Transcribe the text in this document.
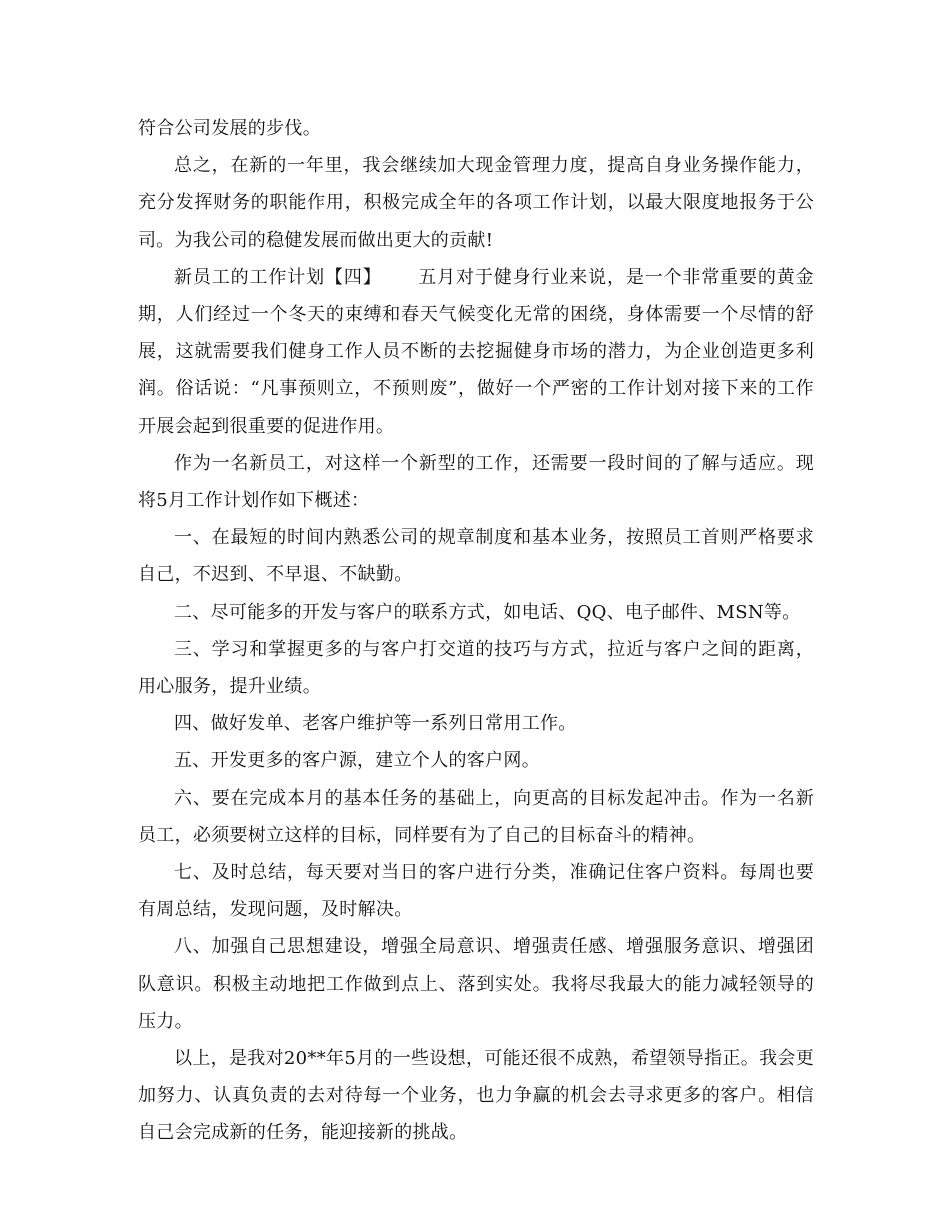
符合公司发展的步伐。

总之，在新的一年里，我会继续加大现金管理力度，提高自身业务操作能力，充分发挥财务的职能作用，积极完成全年的各项工作计划，以最大限度地报务于公司。为我公司的稳健发展而做出更大的贡献!

新员工的工作计划【四】 五月对于健身行业来说，是一个非常重要的黄金期，人们经过一个冬天的束缚和春天气候变化无常的困绕，身体需要一个尽情的舒展，这就需要我们健身工作人员不断的去挖掘健身市场的潜力，为企业创造更多利润。俗话说：“凡事预则立，不预则废”，做好一个严密的工作计划对接下来的工作开展会起到很重要的促进作用。

作为一名新员工，对这样一个新型的工作，还需要一段时间的了解与适应。现将5月工作计划作如下概述：

一、在最短的时间内熟悉公司的规章制度和基本业务，按照员工首则严格要求自己，不迟到、不早退、不缺勤。

二、尽可能多的开发与客户的联系方式，如电话、QQ、电子邮件、MSN等。

三、学习和掌握更多的与客户打交道的技巧与方式，拉近与客户之间的距离，用心服务，提升业绩。

四、做好发单、老客户维护等一系列日常用工作。

五、开发更多的客户源，建立个人的客户网。

六、要在完成本月的基本任务的基础上，向更高的目标发起冲击。作为一名新员工，必须要树立这样的目标，同样要有为了自己的目标奋斗的精神。

七、及时总结，每天要对当日的客户进行分类，准确记住客户资料。每周也要有周总结，发现问题，及时解决。

八、加强自己思想建设，增强全局意识、增强责任感、增强服务意识、增强团队意识。积极主动地把工作做到点上、落到实处。我将尽我最大的能力减轻领导的压力。

以上，是我对20**年5月的一些设想，可能还很不成熟，希望领导指正。我会更加努力、认真负责的去对待每一个业务，也力争赢的机会去寻求更多的客户。相信自己会完成新的任务，能迎接新的挑战。
